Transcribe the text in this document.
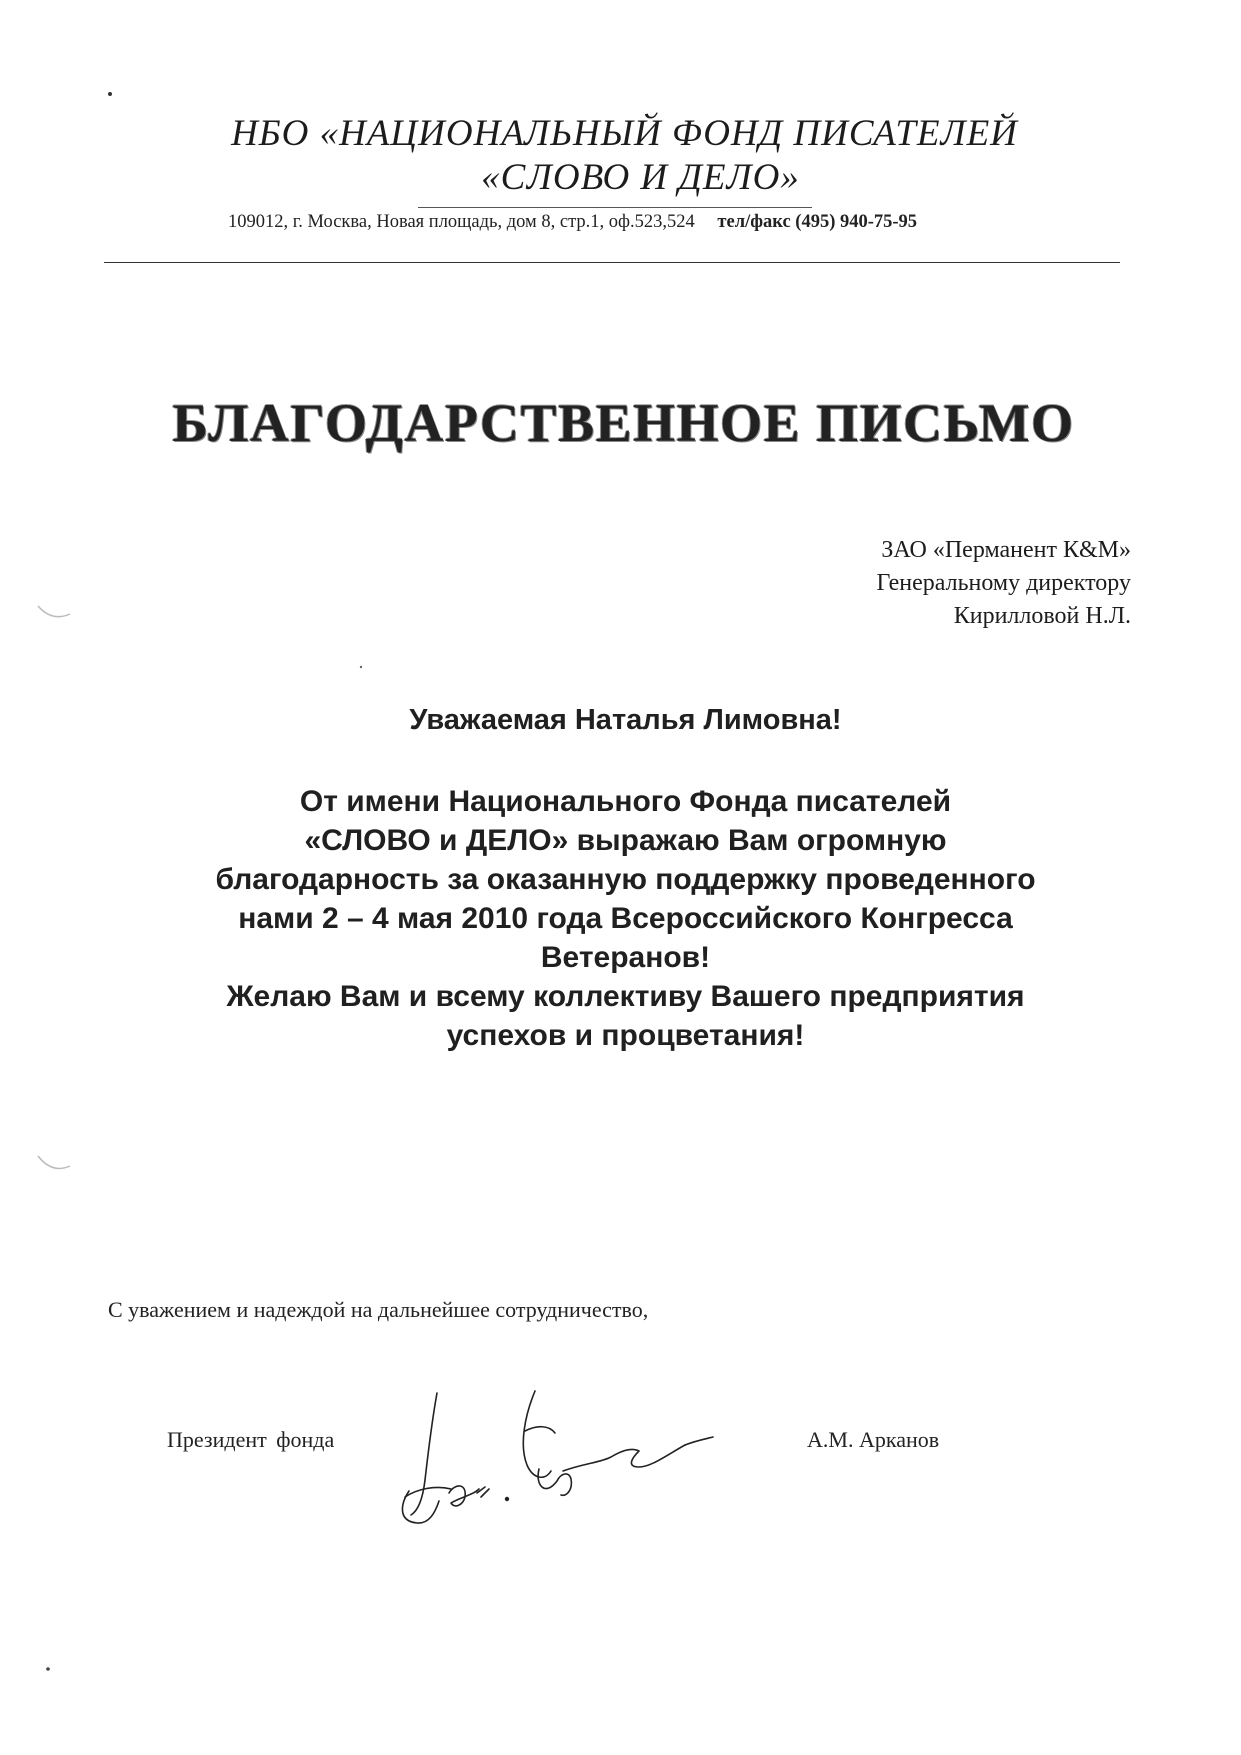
НБО «НАЦИОНАЛЬНЫЙ ФОНД ПИСАТЕЛЕЙ
«СЛОВО И ДЕЛО»
109012, г. Москва, Новая площадь, дом 8, стр.1, оф.523,524 тел/факс (495) 940-75-95
БЛАГОДАРСТВЕННОЕ ПИСЬМО
ЗАО «Перманент К&М»
Генеральному директору
Кирилловой Н.Л.
Уважаемая Наталья Лимовна!
От имени Национального Фонда писателей
«СЛОВО и ДЕЛО» выражаю Вам огромную
благодарность за оказанную поддержку проведенного
нами 2 – 4 мая 2010 года Всероссийского Конгресса
Ветеранов!
Желаю Вам и всему коллективу Вашего предприятия
успехов и процветания!
С уважением и надеждой на дальнейшее сотрудничество,
Президент фонда	А.М. Арканов
